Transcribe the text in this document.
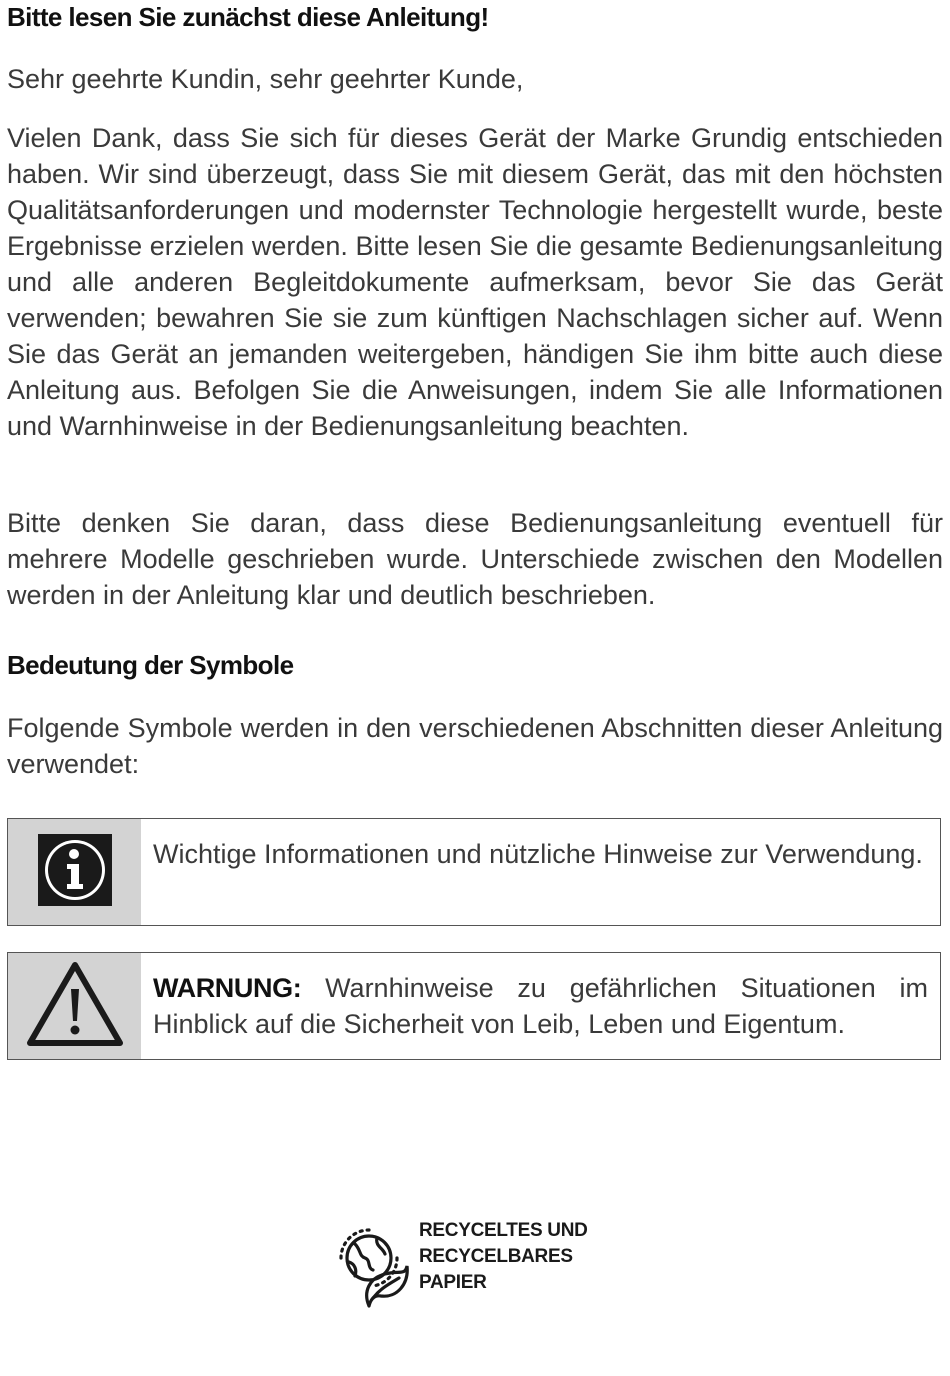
Bitte lesen Sie zunächst diese Anleitung!

Sehr geehrte Kundin, sehr geehrter Kunde,

Vielen Dank, dass Sie sich für dieses Gerät der Marke Grundig entschieden haben. Wir sind überzeugt, dass Sie mit diesem Gerät, das mit den höchsten Qualitätsanforderungen und modernster Technologie hergestellt wurde, beste Ergebnisse erzielen werden. Bitte lesen Sie die gesamte Bedienungsanleitung und alle anderen Begleitdokumente aufmerksam, bevor Sie das Gerät verwenden; bewahren Sie sie zum künftigen Nachschlagen sicher auf. Wenn Sie das Gerät an jemanden weitergeben, händigen Sie ihm bitte auch diese Anleitung aus. Befolgen Sie die Anweisungen, indem Sie alle Informationen und Warnhinweise in der Bedienungsanleitung beachten.

Bitte denken Sie daran, dass diese Bedienungsanleitung eventuell für mehrere Modelle geschrieben wurde. Unterschiede zwischen den Modellen werden in der Anleitung klar und deutlich beschrieben.

Bedeutung der Symbole

Folgende Symbole werden in den verschiedenen Abschnitten dieser Anleitung verwendet:

Wichtige Informationen und nützliche Hinweise zur Verwendung.
WARNUNG: Warnhinweise zu gefährlichen Situationen im Hinblick auf die Sicherheit von Leib, Leben und Eigentum.
RECYCELTES UND
RECYCELBARES
PAPIER
